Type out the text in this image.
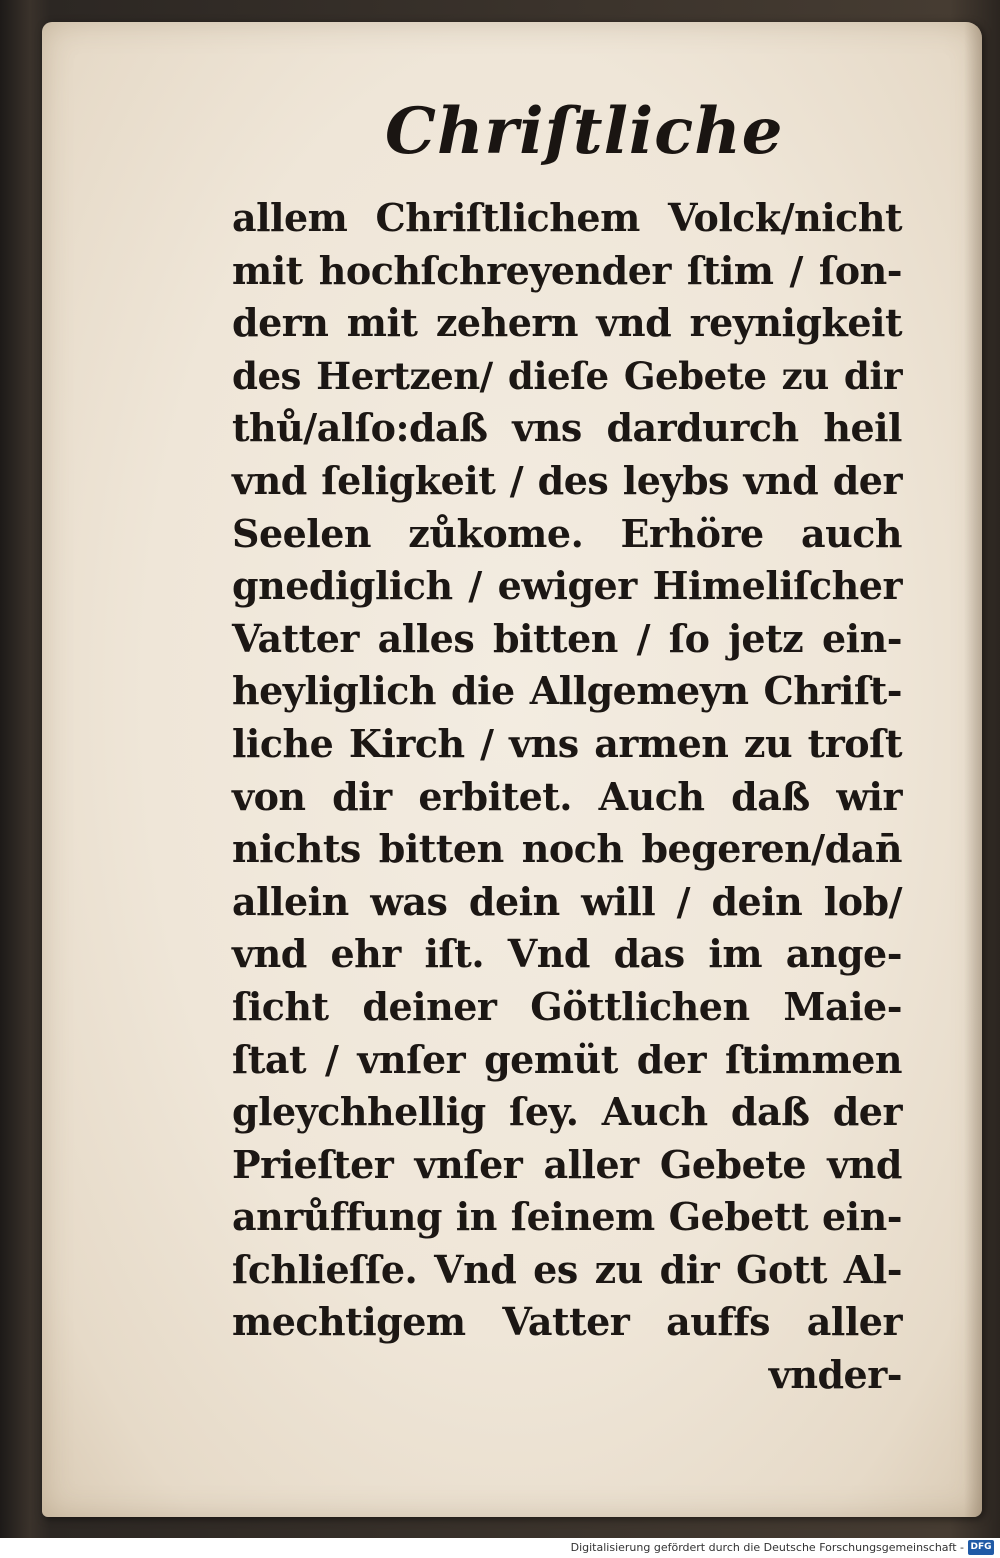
Chriſtliche
allem Chriſtlichem Volck/nicht
mit hochſchreyender ſtim / ſon-
dern mit zehern vnd reynigkeit
des Hertzen/ dieſe Gebete zu dir
thů/alſo:daß vns dardurch heil
vnd ſeligkeit / des leybs vnd der
Seelen zůkome. Erhöre auch
gnediglich / ewiger Himeliſcher
Vatter alles bitten / ſo jetz ein-
heyliglich die Allgemeyn Chriſt-
liche Kirch / vns armen zu troſt
von dir erbitet. Auch daß wir
nichts bitten noch begeren/dan̄
allein was dein will / dein lob/
vnd ehr iſt. Vnd das im ange-
ſicht deiner Göttlichen Maie-
ſtat / vnſer gemüt der ſtimmen
gleychhellig ſey. Auch daß der
Prieſter vnſer aller Gebete vnd
anrůffung in ſeinem Gebett ein-
ſchlieſſe. Vnd es zu dir Gott Al-
mechtigem Vatter auffs aller
vnder-
Digitalisierung gefördert durch die Deutsche Forschungsgemeinschaft - DFG
